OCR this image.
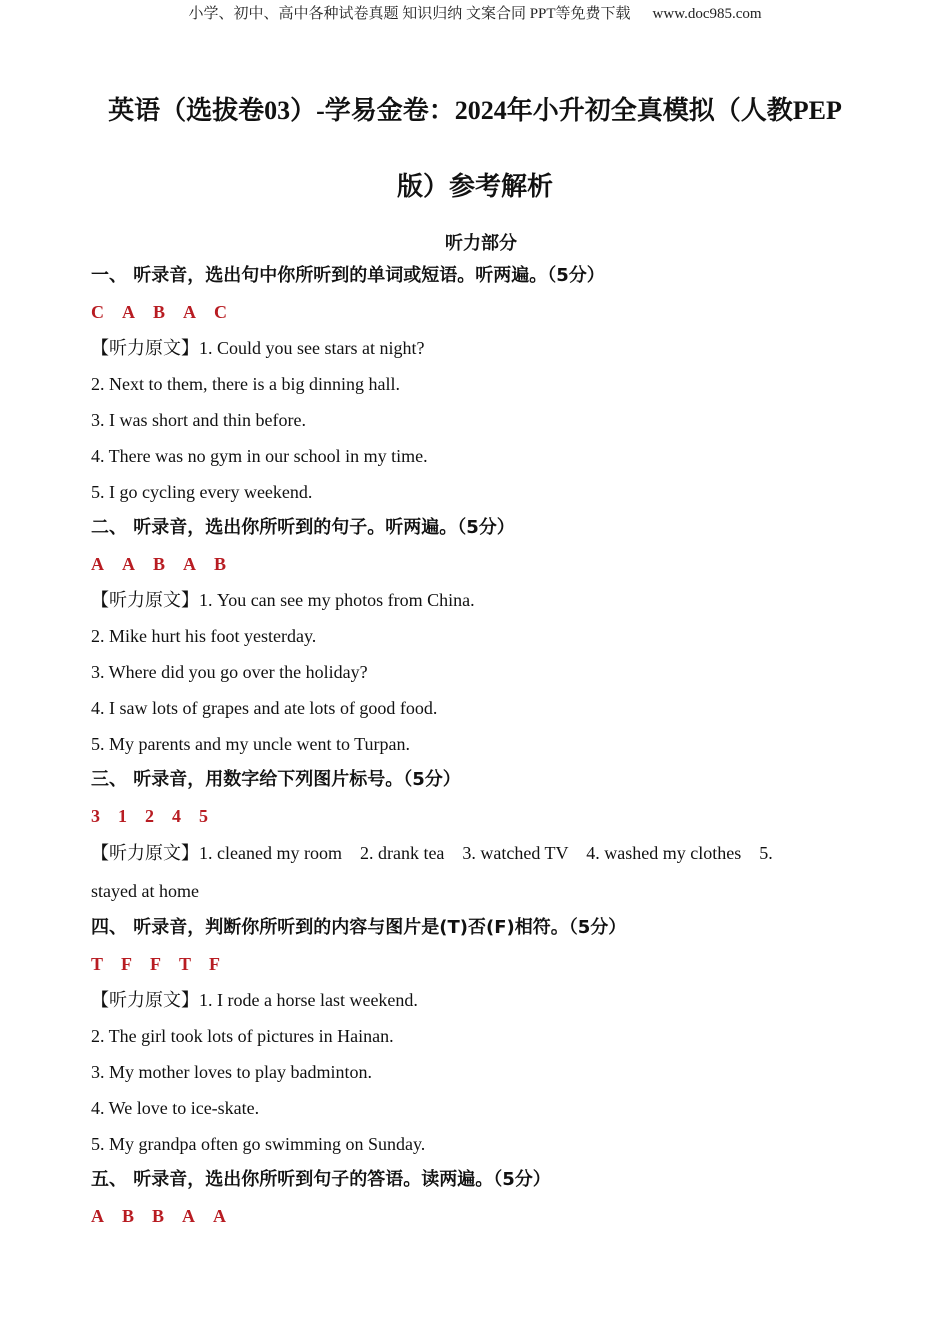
小学、初中、高中各种试卷真题 知识归纳 文案合同 PPT等免费下载 www.doc985.com
英语（选拔卷03）-学易金卷：2024年小升初全真模拟（人教PEP
版）参考解析
听力部分
一、 听录音，选出句中你所听到的单词或短语。听两遍。（5分）
C A B A C
【听力原文】1. Could you see stars at night?
2. Next to them, there is a big dinning hall.
3. I was short and thin before.
4. There was no gym in our school in my time.
5. I go cycling every weekend.
二、 听录音，选出你所听到的句子。听两遍。（5分）
A A B A B
【听力原文】1. You can see my photos from China.
2. Mike hurt his foot yesterday.
3. Where did you go over the holiday?
4. I saw lots of grapes and ate lots of good food.
5. My parents and my uncle went to Turpan.
三、 听录音，用数字给下列图片标号。（5分）
3 1 2 4 5
【听力原文】1. cleaned my room    2. drank tea    3. watched TV    4. washed my clothes    5.
stayed at home
四、 听录音，判断你所听到的内容与图片是(T)否(F)相符。（5分）
T F F T F
【听力原文】1. I rode a horse last weekend.
2. The girl took lots of pictures in Hainan.
3. My mother loves to play badminton.
4. We love to ice-skate.
5. My grandpa often go swimming on Sunday.
五、 听录音，选出你所听到句子的答语。读两遍。（5分）
A B B A A
